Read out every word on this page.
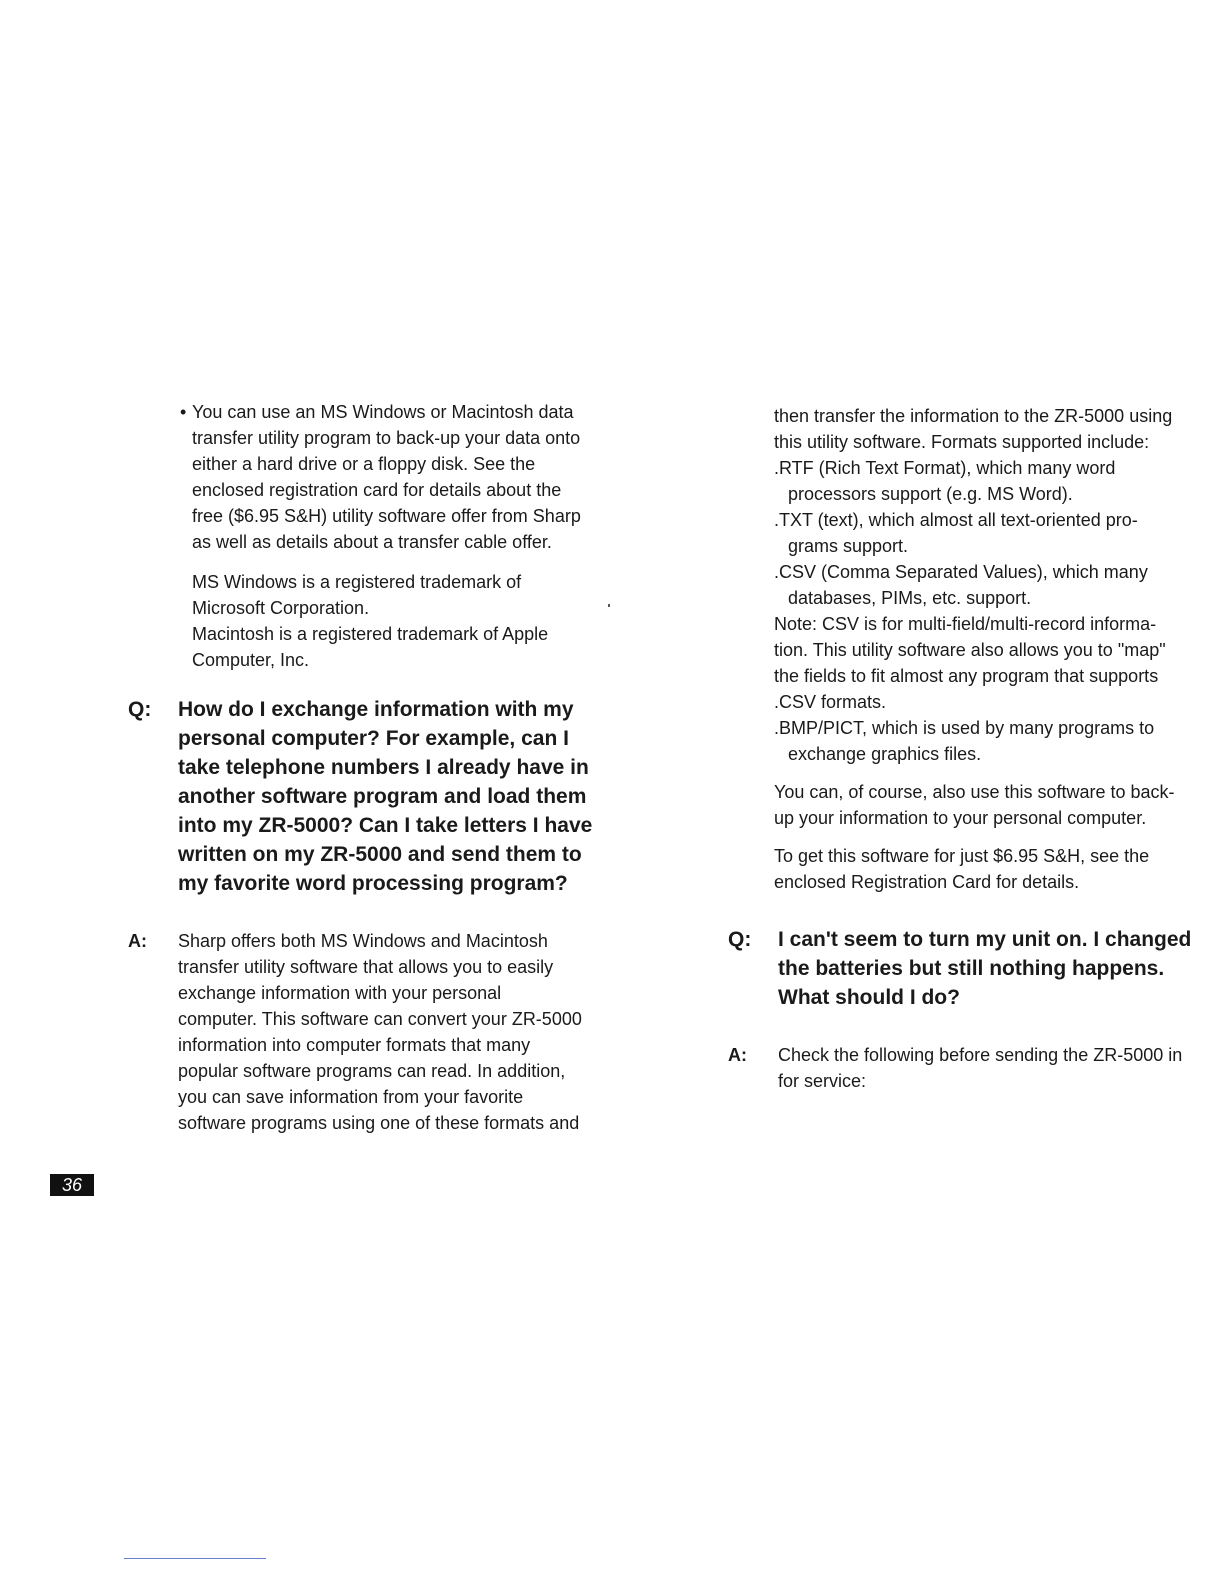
• You can use an MS Windows or Macintosh data
transfer utility program to back-up your data onto
either a hard drive or a floppy disk. See the
enclosed registration card for details about the
free ($6.95 S&H) utility software offer from Sharp
as well as details about a transfer cable offer.

MS Windows is a registered trademark of

Microsoft Corporation.

Macintosh is a registered trademark of Apple

Computer, Inc.

Q: How do I exchange information with my
personal computer? For example, can I
take telephone numbers I already have in
another software program and load them
into my ZR-5000? Can I take letters I have
written on my ZR-5000 and send them to
my favorite word processing program?
A: Sharp offers both MS Windows and Macintosh
transfer utility software that allows you to easily
exchange information with your personal
computer. This software can convert your ZR-5000
information into computer formats that many
popular software programs can read. In addition,
you can save information from your favorite
software programs using one of these formats and

then transfer the information to the ZR-5000 using

this utility software. Formats supported include:

.RTF (Rich Text Format), which many word

processors support (e.g. MS Word).

.TXT (text), which almost all text-oriented pro-

grams support.

.CSV (Comma Separated Values), which many

databases, PIMs, etc. support.

Note: CSV is for multi-field/multi-record informa-

tion. This utility software also allows you to "map"

the fields to fit almost any program that supports

.CSV formats.

.BMP/PICT, which is used by many programs to

exchange graphics files.

You can, of course, also use this software to back-

up your information to your personal computer.

To get this software for just $6.95 S&H, see the

enclosed Registration Card for details.

Q: I can't seem to turn my unit on. I changed
the batteries but still nothing happens.
What should I do?
A: Check the following before sending the ZR-5000 in
for service:
36
